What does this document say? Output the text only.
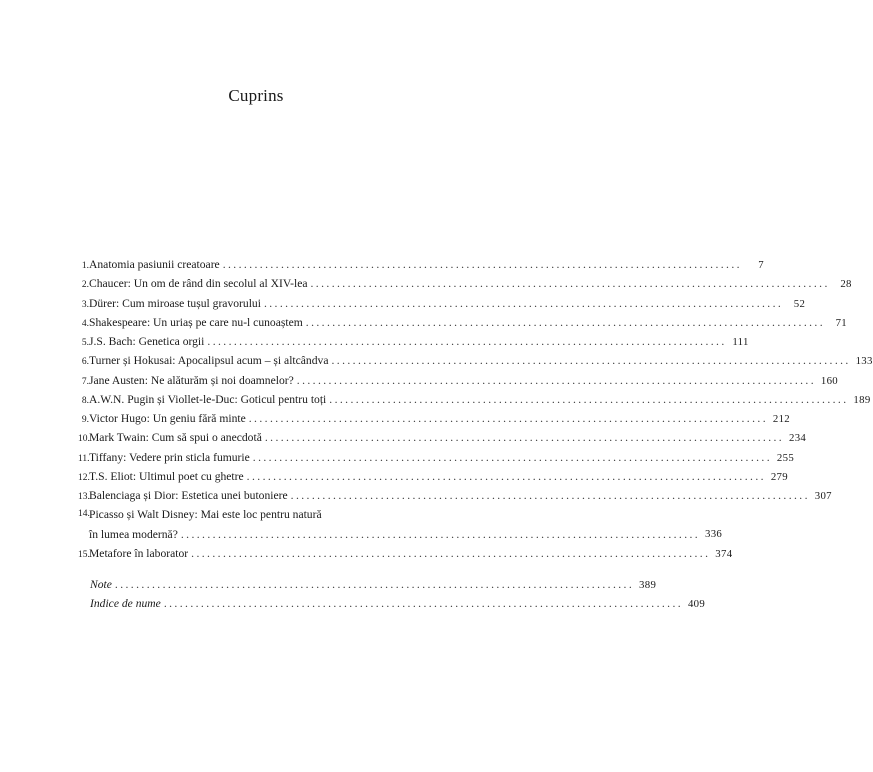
Cuprins
1. Anatomia pasiunii creatoare ..................................................................................................	7
2. Chaucer: Un om de rând din secolul al XIV-lea .................................................................................................. 28
3. Dürer: Cum miroase tușul gravorului .................................................................................................. 52
4. Shakespeare: Un uriaș pe care nu-l cunoaștem .................................................................................................. 71
5. J.S. Bach: Genetica orgii .................................................................................................. 111
6. Turner și Hokusai: Apocalipsul acum – și altcândva .................................................................................................. 133
7. Jane Austen: Ne alăturăm și noi doamnelor? .................................................................................................. 160
8. A.W.N. Pugin și Viollet-le-Duc: Goticul pentru toți .................................................................................................. 189
9. Victor Hugo: Un geniu fără minte .................................................................................................. 212
10. Mark Twain: Cum să spui o anecdotă .................................................................................................. 234
11. Tiffany: Vedere prin sticla fumurie .................................................................................................. 255
12. T.S. Eliot: Ultimul poet cu ghetre .................................................................................................. 279
13. Balenciaga și Dior: Estetica unei butoniere .................................................................................................. 307
14. Picasso și Walt Disney: Mai este loc pentru natură
în lumea modernă? .................................................................................................. 336
15. Metafore în laborator .................................................................................................. 374
Note .................................................................................................. 389
Indice de nume .................................................................................................. 409
